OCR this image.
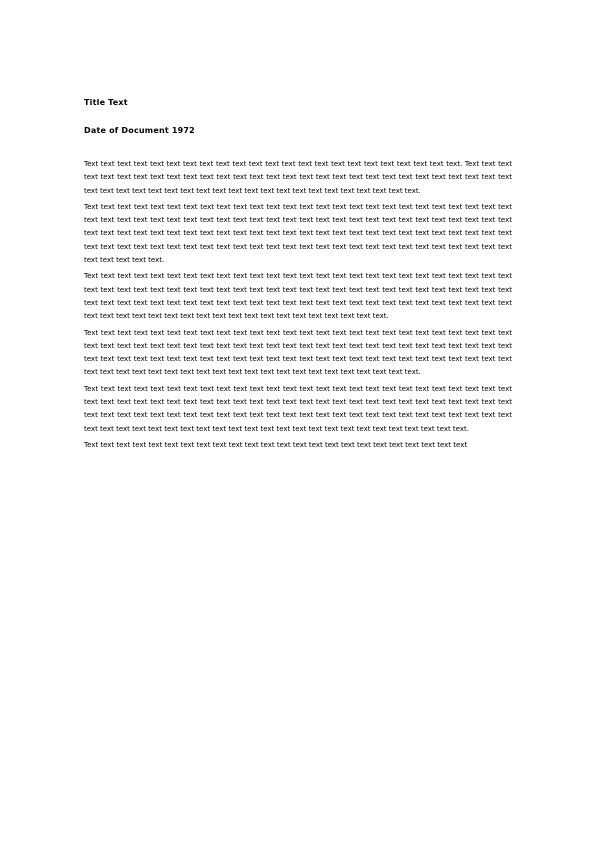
Title Text
Date of Document 1972

Text text text text text text text text text text text text text text text text text text text text text text text. Text text text text text text text text text text text text text text text text text text text text text text text text text text text text text text text text text text text text text text text text text text text text text text text text text text.

Text text text text text text text text text text text text text text text text text text text text text text text text text text text text text text text text text text text text text text text text text text text text text text text text text text text text text text text text text text text text text text text text text text text text text text text text text text text text text text text text text text text text text text text text text text text text text text text text text text text text text text text text text text text text text.

Text text text text text text text text text text text text text text text text text text text text text text text text text text text text text text text text text text text text text text text text text text text text text text text text text text text text text text text text text text text text text text text text text text text text text text text text text text text text text text text text text text text text text text text text text text text text text text text text text.

Text text text text text text text text text text text text text text text text text text text text text text text text text text text text text text text text text text text text text text text text text text text text text text text text text text text text text text text text text text text text text text text text text text text text text text text text text text text text text text text text text text text text text text text text text text text text text text text text text text text.

Text text text text text text text text text text text text text text text text text text text text text text text text text text text text text text text text text text text text text text text text text text text text text text text text text text text text text text text text text text text text text text text text text text text text text text text text text text text text text text text text text text text text text text text text text text text text text text text text text text text text text text.

Text text text text text text text text text text text text text text text text text text text text text text text text
